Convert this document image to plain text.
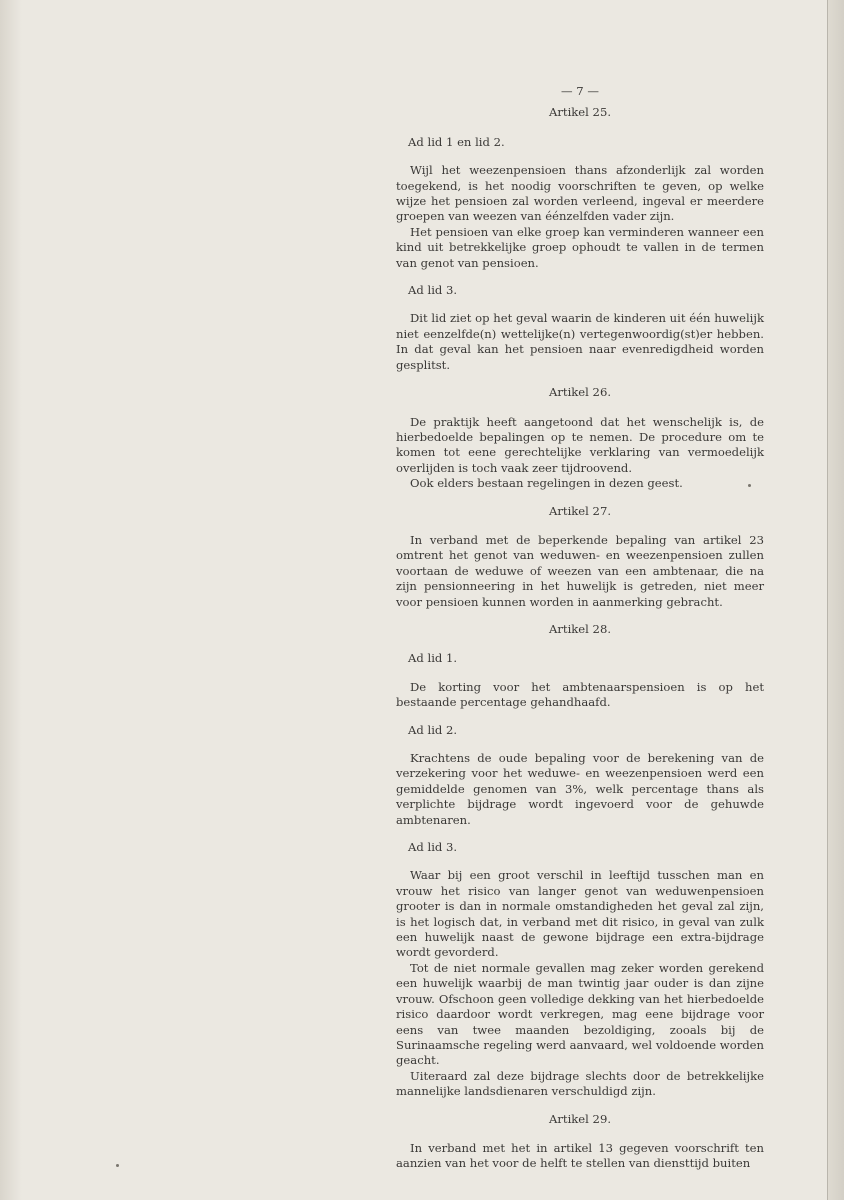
— 7 —
Artikel 25.
Ad lid 1 en lid 2.

Wijl het weezenpensioen thans afzonderlijk zal worden toegekend, is het noodig voorschriften te geven, op welke wijze het pensioen zal worden verleend, ingeval er meerdere groepen van weezen van éénzelfden vader zijn.

Het pensioen van elke groep kan verminderen wanneer een kind uit betrekkelijke groep ophoudt te vallen in de termen van genot van pensioen.

Ad lid 3.

Dit lid ziet op het geval waarin de kinderen uit één huwelijk niet eenzelfde(n) wettelijke(n) vertegenwoordig(st)er hebben. In dat geval kan het pensioen naar evenredigdheid worden gesplitst.

Artikel 26.

De praktijk heeft aangetoond dat het wenschelijk is, de hierbedoelde bepalingen op te nemen. De procedure om te komen tot eene gerechtelijke verklaring van vermoedelijk overlijden is toch vaak zeer tijdroovend.

Ook elders bestaan regelingen in dezen geest.

Artikel 27.

In verband met de beperkende bepaling van artikel 23 omtrent het genot van weduwen- en weezenpensioen zullen voortaan de weduwe of weezen van een ambtenaar, die na zijn pensionneering in het huwelijk is getreden, niet meer voor pensioen kunnen worden in aanmerking gebracht.

Artikel 28.
Ad lid 1.

De korting voor het ambtenaarspensioen is op het bestaande percentage gehandhaafd.

Ad lid 2.

Krachtens de oude bepaling voor de berekening van de verzekering voor het weduwe- en weezenpensioen werd een gemiddelde genomen van 3%, welk percentage thans als verplichte bijdrage wordt ingevoerd voor de gehuwde ambtenaren.

Ad lid 3.

Waar bij een groot verschil in leeftijd tusschen man en vrouw het risico van langer genot van weduwenpensioen grooter is dan in normale omstandigheden het geval zal zijn, is het logisch dat, in verband met dit risico, in geval van zulk een huwelijk naast de gewone bijdrage een extra-bijdrage wordt gevorderd.

Tot de niet normale gevallen mag zeker worden gerekend een huwelijk waarbij de man twintig jaar ouder is dan zijne vrouw. Ofschoon geen volledige dekking van het hierbedoelde risico daardoor wordt verkregen, mag eene bijdrage voor eens van twee maanden bezoldiging, zooals bij de Surinaamsche regeling werd aanvaard, wel voldoende worden geacht.

Uiteraard zal deze bijdrage slechts door de betrekkelijke mannelijke landsdienaren verschuldigd zijn.

Artikel 29.

In verband met het in artikel 13 gegeven voorschrift ten aanzien van het voor de helft te stellen van diensttijd buiten
